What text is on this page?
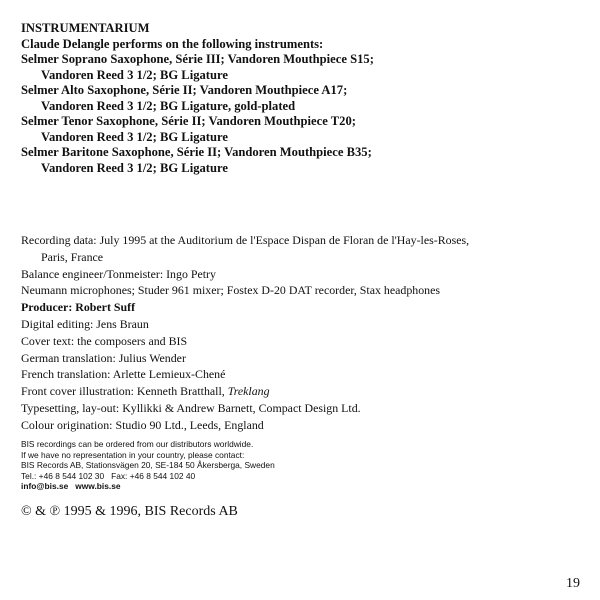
INSTRUMENTARIUM
Claude Delangle performs on the following instruments:
Selmer Soprano Saxophone, Série III; Vandoren Mouthpiece S15;
Vandoren Reed 3 1/2; BG Ligature
Selmer Alto Saxophone, Série II; Vandoren Mouthpiece A17;
Vandoren Reed 3 1/2; BG Ligature, gold-plated
Selmer Tenor Saxophone, Série II; Vandoren Mouthpiece T20;
Vandoren Reed 3 1/2; BG Ligature
Selmer Baritone Saxophone, Série II; Vandoren Mouthpiece B35;
Vandoren Reed 3 1/2; BG Ligature
Recording data: July 1995 at the Auditorium de l'Espace Dispan de Floran de l'Hay-les-Roses,
Paris, France
Balance engineer/Tonmeister: Ingo Petry
Neumann microphones; Studer 961 mixer; Fostex D-20 DAT recorder, Stax headphones
Producer: Robert Suff
Digital editing: Jens Braun
Cover text: the composers and BIS
German translation: Julius Wender
French translation: Arlette Lemieux-Chené
Front cover illustration: Kenneth Bratthall, Treklang
Typesetting, lay-out: Kyllikki & Andrew Barnett, Compact Design Ltd.
Colour origination: Studio 90 Ltd., Leeds, England
BIS recordings can be ordered from our distributors worldwide.
If we have no representation in your country, please contact:
BIS Records AB, Stationsvägen 20, SE-184 50 Åkersberga, Sweden
Tel.: +46 8 544 102 30   Fax: +46 8 544 102 40
info@bis.se www.bis.se
© & ℗ 1995 & 1996, BIS Records AB
19
